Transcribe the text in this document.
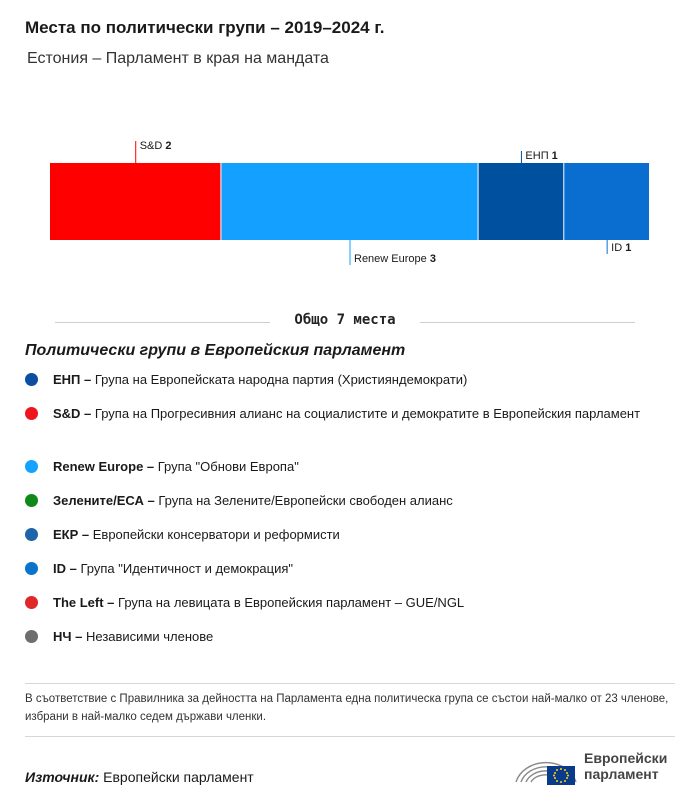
Места по политически групи – 2019–2024 г.

Естония – Парламент в края на мандата

S&D 2
Renew Europe 3
ЕНП 1
ID 1
Общо 7 места
Политически групи в Европейския парламент
ЕНП – Група на Европейската народна партия (Християндемократи)
S&D – Група на Прогресивния алианс на социалистите и демократите в Европейския парламент
Renew Europe – Група "Обнови Европа"
Зелените/ЕСА – Група на Зелените/Европейски свободен алианс
ЕКР – Европейски консерватори и реформисти
ID – Група "Идентичност и демокрация"
The Left – Група на левицата в Европейския парламент – GUE/NGL
НЧ – Независими членове

В съответствие с Правилника за дейността на Парламента една политическа група се състои най-малко от 23 членове, избрани в най-малко седем държави членки.

Източник: Европейски парламент

Европейски
парламент
